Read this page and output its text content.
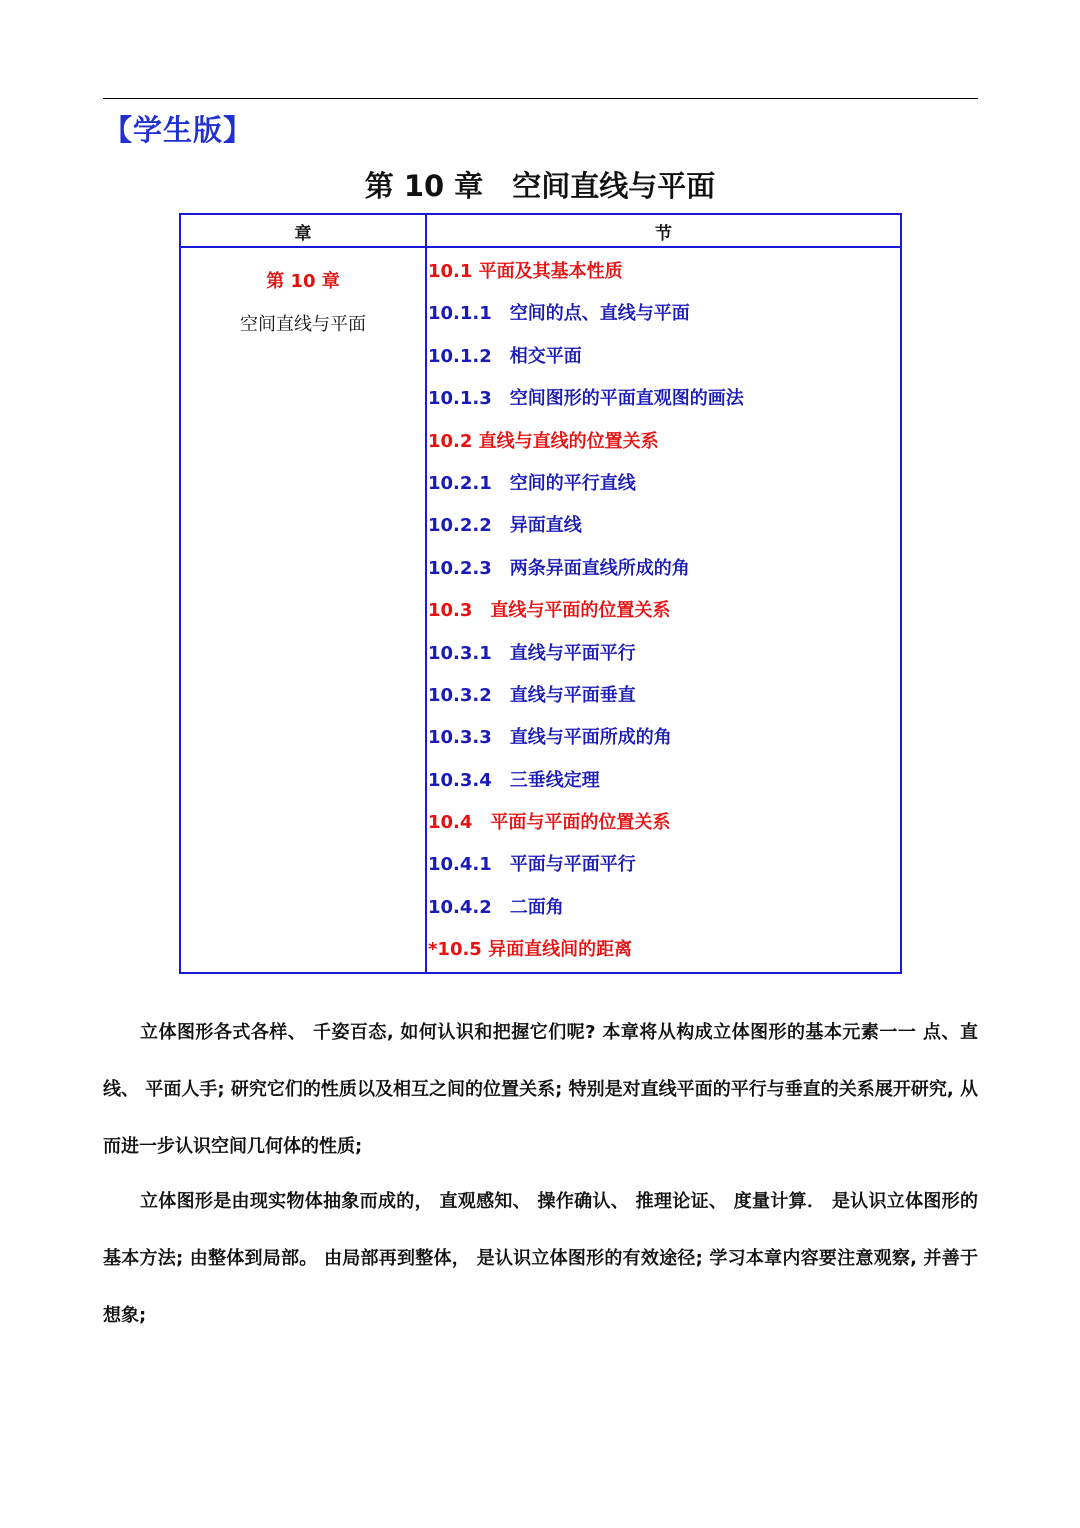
【学生版】
第 10 章　空间直线与平面
章	节
第 10 章
空间直线与平面
10.1 平面及其基本性质
10.1.1　空间的点、直线与平面
10.1.2　相交平面
10.1.3　空间图形的平面直观图的画法
10.2 直线与直线的位置关系
10.2.1　空间的平行直线
10.2.2　异面直线
10.2.3　两条异面直线所成的角
10.3　直线与平面的位置关系
10.3.1　直线与平面平行
10.3.2　直线与平面垂直
10.3.3　直线与平面所成的角
10.3.4　三垂线定理
10.4　平面与平面的位置关系
10.4.1　平面与平面平行
10.4.2　二面角
*10.5 异面直线间的距离

立体图形各式各样、 千姿百态, 如何认识和把握它们呢? 本章将从构成立体图形的基本元素一一 点、直线、 平面人手; 研究它们的性质以及相互之间的位置关系; 特别是对直线平面的平行与垂直的关系展开研究, 从而进一步认识空间几何体的性质;

立体图形是由现实物体抽象而成的， 直观感知、 操作确认、 推理论证、 度量计算． 是认识立体图形的基本方法; 由整体到局部。 由局部再到整体， 是认识立体图形的有效途径; 学习本章内容要注意观察, 并善于想象;
